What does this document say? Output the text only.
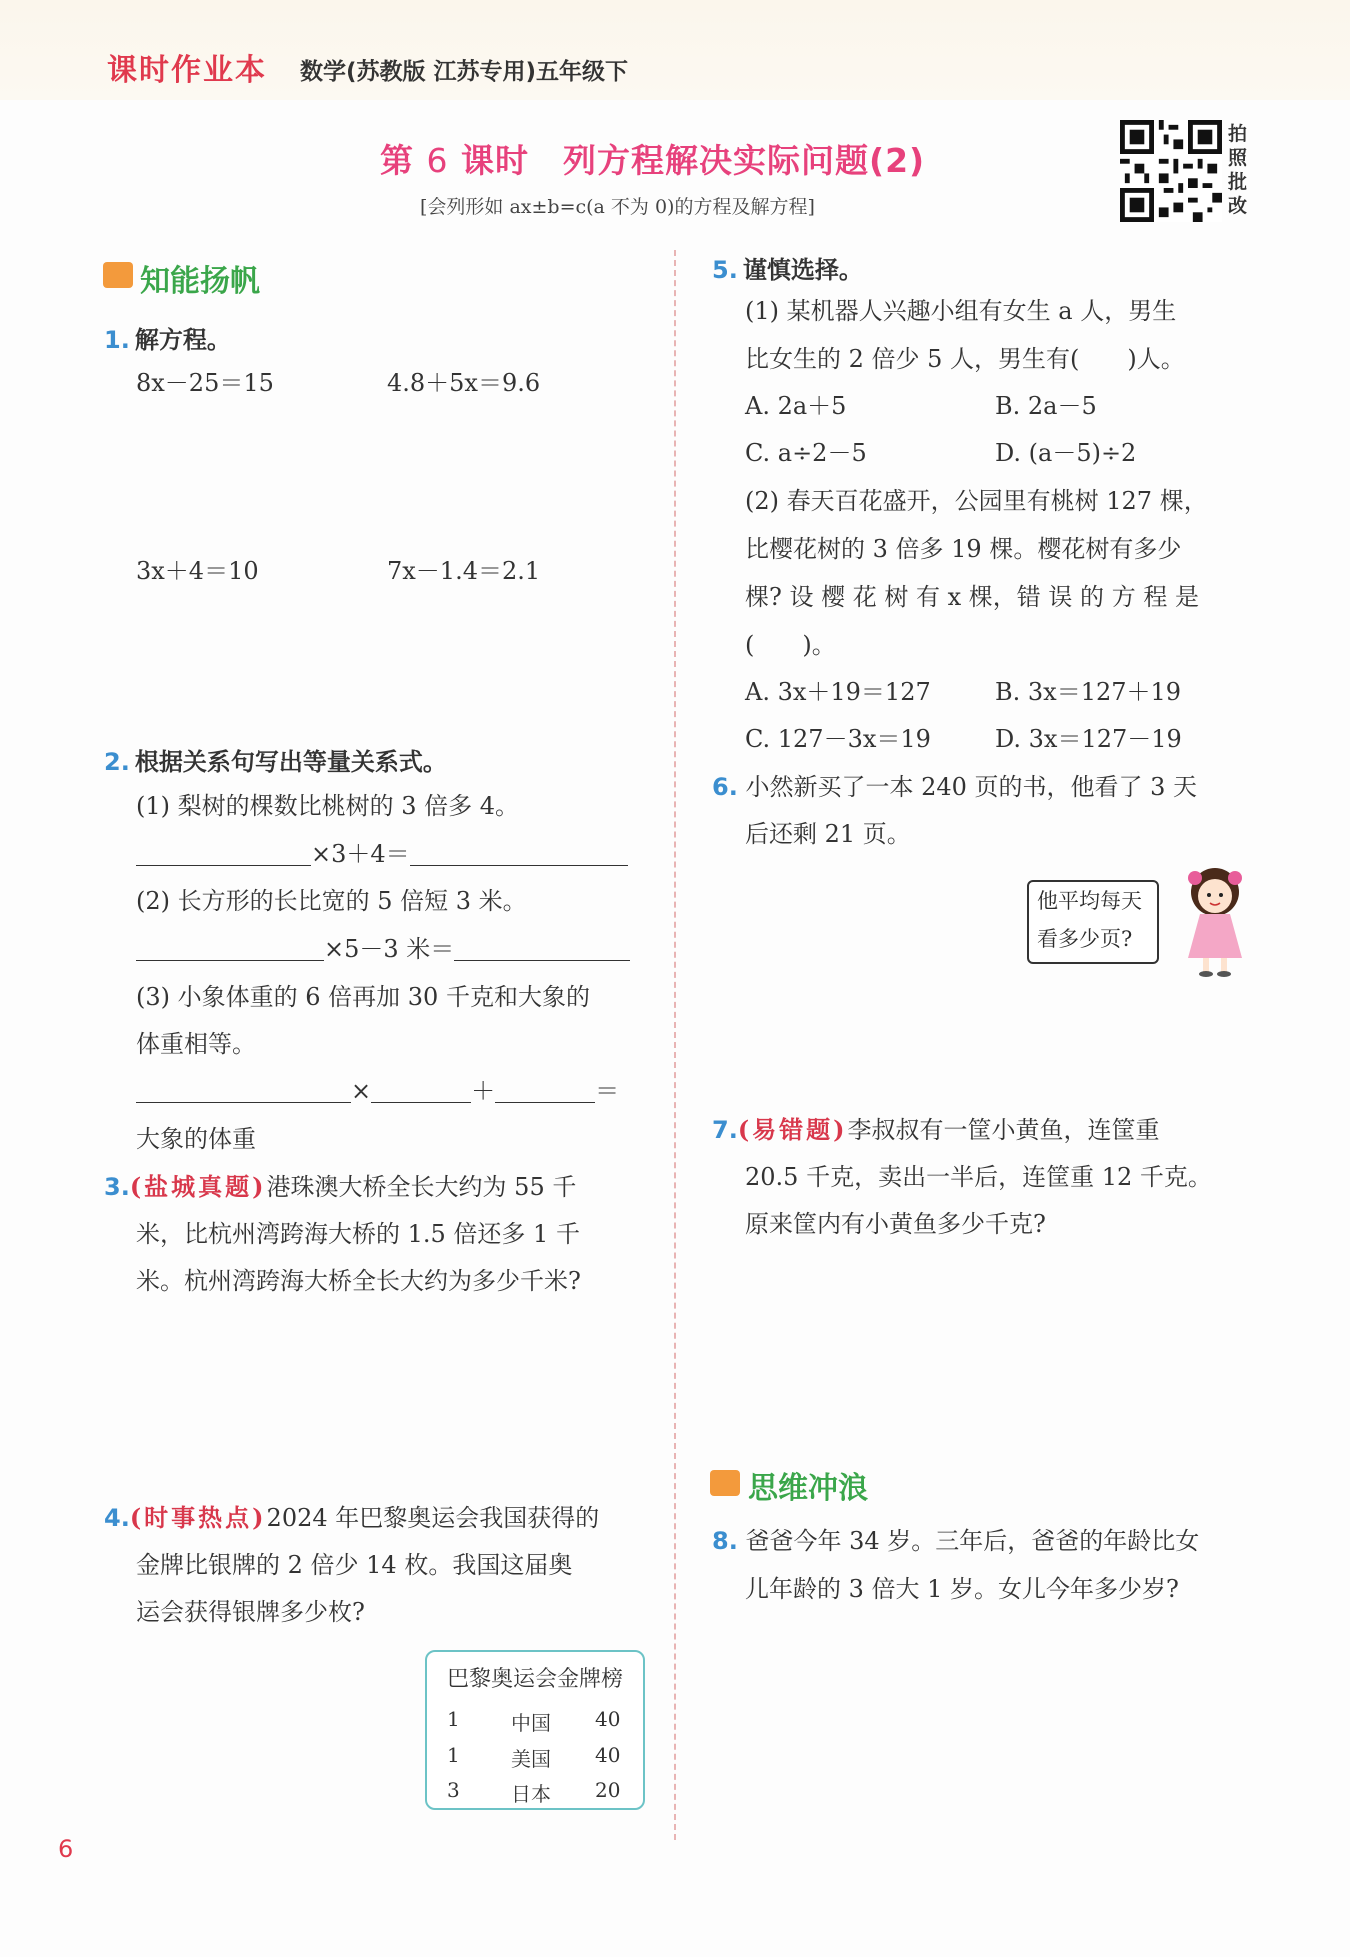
课时作业本 数学(苏教版 江苏专用)五年级下
第 6 课时　列方程解决实际问题(2)
[会列形如 ax±b=c(a 不为 0)的方程及解方程]
拍
照
批
改
知能扬帆
1. 解方程。
8x－25＝15	4.8＋5x＝9.6
3x＋4＝10	7x－1.4＝2.1
2. 根据关系句写出等量关系式。
(1) 梨树的棵数比桃树的 3 倍多 4。
×3＋4＝
(2) 长方形的长比宽的 5 倍短 3 米。
×5－3 米＝
(3) 小象体重的 6 倍再加 30 千克和大象的
体重相等。
×	＋	＝
大象的体重
3.(盐城真题)港珠澳大桥全长大约为 55 千
米，比杭州湾跨海大桥的 1.5 倍还多 1 千
米。杭州湾跨海大桥全长大约为多少千米?
4.(时事热点)2024 年巴黎奥运会我国获得的
金牌比银牌的 2 倍少 14 枚。我国这届奥
运会获得银牌多少枚?
巴黎奥运会金牌榜
1	中国 40
1	美国 40
3	日本 20
5. 谨慎选择。
(1) 某机器人兴趣小组有女生 a 人，男生
比女生的 2 倍少 5 人，男生有(　　)人。
A. 2a＋5	B. 2a－5
C. a÷2－5	D. (a－5)÷2
(2) 春天百花盛开，公园里有桃树 127 棵，
比樱花树的 3 倍多 19 棵。樱花树有多少
棵? 设 樱 花 树 有 x 棵，错 误 的 方 程 是
(　　)。
A. 3x＋19＝127	B. 3x＝127＋19
C. 127－3x＝19	D. 3x＝127－19
6. 小然新买了一本 240 页的书，他看了 3 天
后还剩 21 页。
他平均每天
看多少页?
7.(易错题)李叔叔有一筐小黄鱼，连筐重
20.5 千克，卖出一半后，连筐重 12 千克。
原来筐内有小黄鱼多少千克?
思维冲浪
8. 爸爸今年 34 岁。三年后，爸爸的年龄比女
儿年龄的 3 倍大 1 岁。女儿今年多少岁?
6
